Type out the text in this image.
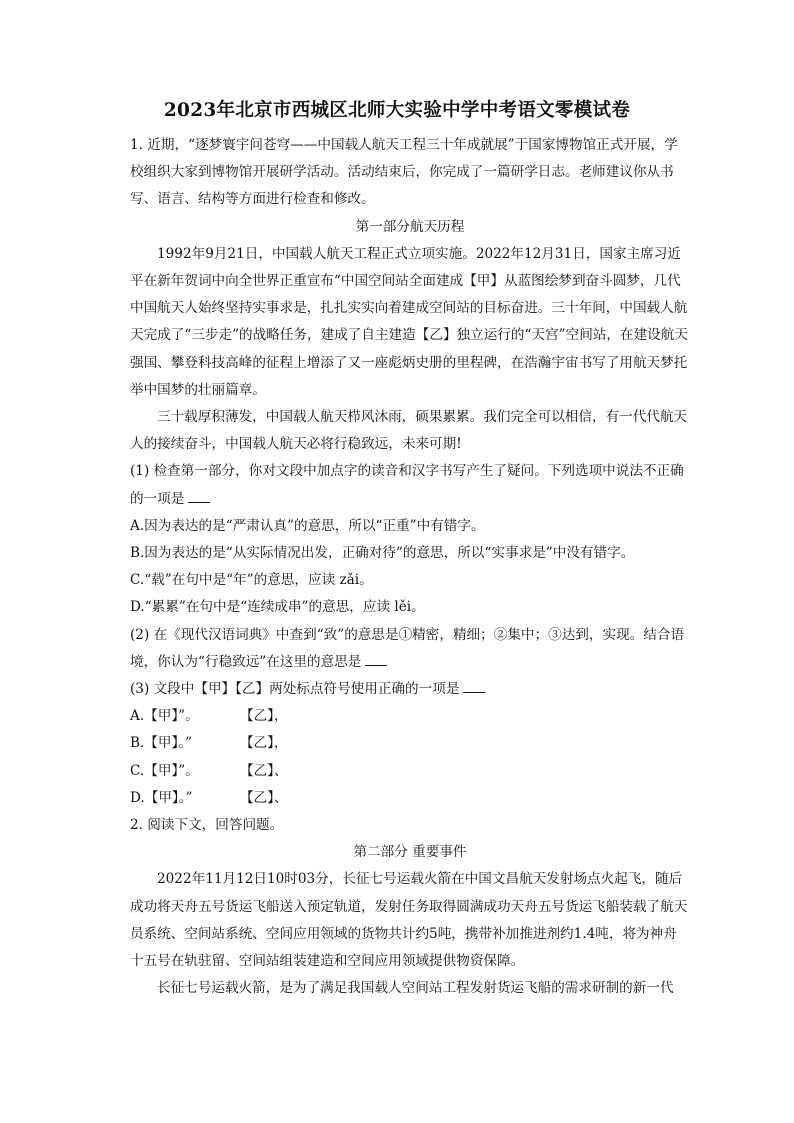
2023年北京市西城区北师大实验中学中考语文零模试卷

1. 近期，“逐梦寰宇问苍穹——中国载人航天工程三十年成就展”于国家博物馆正式开展，学校组织大家到博物馆开展研学活动。活动结束后，你完成了一篇研学日志。老师建议你从书写、语言、结构等方面进行检查和修改。

第一部分航天历程

1992年9月21日，中国载人航天工程正式立项实施。2022年12月31日，国家主席习近平在新年贺词中向全世界正重宣布“中国空间站全面建成【甲】从蓝图绘梦到奋斗圆梦，几代中国航天人始终坚持实事求是，扎扎实实向着建成空间站的目标奋进。三十年间，中国载人航天完成了“三步走”的战略任务，建成了自主建造【乙】独立运行的“天宫”空间站，在建设航天强国、攀登科技高峰的征程上增添了又一座彪炳史册的里程碑，在浩瀚宇宙书写了用航天梦托举中国梦的壮丽篇章。

三十载厚积薄发，中国载人航天栉风沐雨，硕果累累。我们完全可以相信，有一代代航天人的接续奋斗，中国载人航天必将行稳致远，未来可期!

(1) 检查第一部分，你对文段中加点字的读音和汉字书写产生了疑问。下列选项中说法不正确的一项是

A.因为表达的是“严肃认真”的意思，所以“正重”中有错字。

B.因为表达的是“从实际情况出发，正确对待”的意思，所以“实事求是”中没有错字。

C.“载”在句中是“年”的意思，应读 zǎi。

D.“累累”在句中是“连续成串”的意思，应读 lěi。

(2) 在《现代汉语词典》中查到“致”的意思是①精密，精细；②集中；③达到，实现。结合语境，你认为“行稳致远”在这里的意思是

(3) 文段中【甲】【乙】两处标点符号使用正确的一项是

A.【甲】”。	【乙】，

B.【甲】。”	【乙】，

C.【甲】”。	【乙】、

D.【甲】。”	【乙】、

2. 阅读下文，回答问题。

第二部分 重要事件

2022年11月12日10时03分，长征七号运载火箭在中国文昌航天发射场点火起飞，随后成功将天舟五号货运飞船送入预定轨道，发射任务取得圆满成功天舟五号货运飞船装载了航天员系统、空间站系统、空间应用领域的货物共计约5吨，携带补加推进剂约1.4吨，将为神舟十五号在轨驻留、空间站组装建造和空间应用领域提供物资保障。

长征七号运载火箭，是为了满足我国载人空间站工程发射货运飞船的需求研制的新一代
